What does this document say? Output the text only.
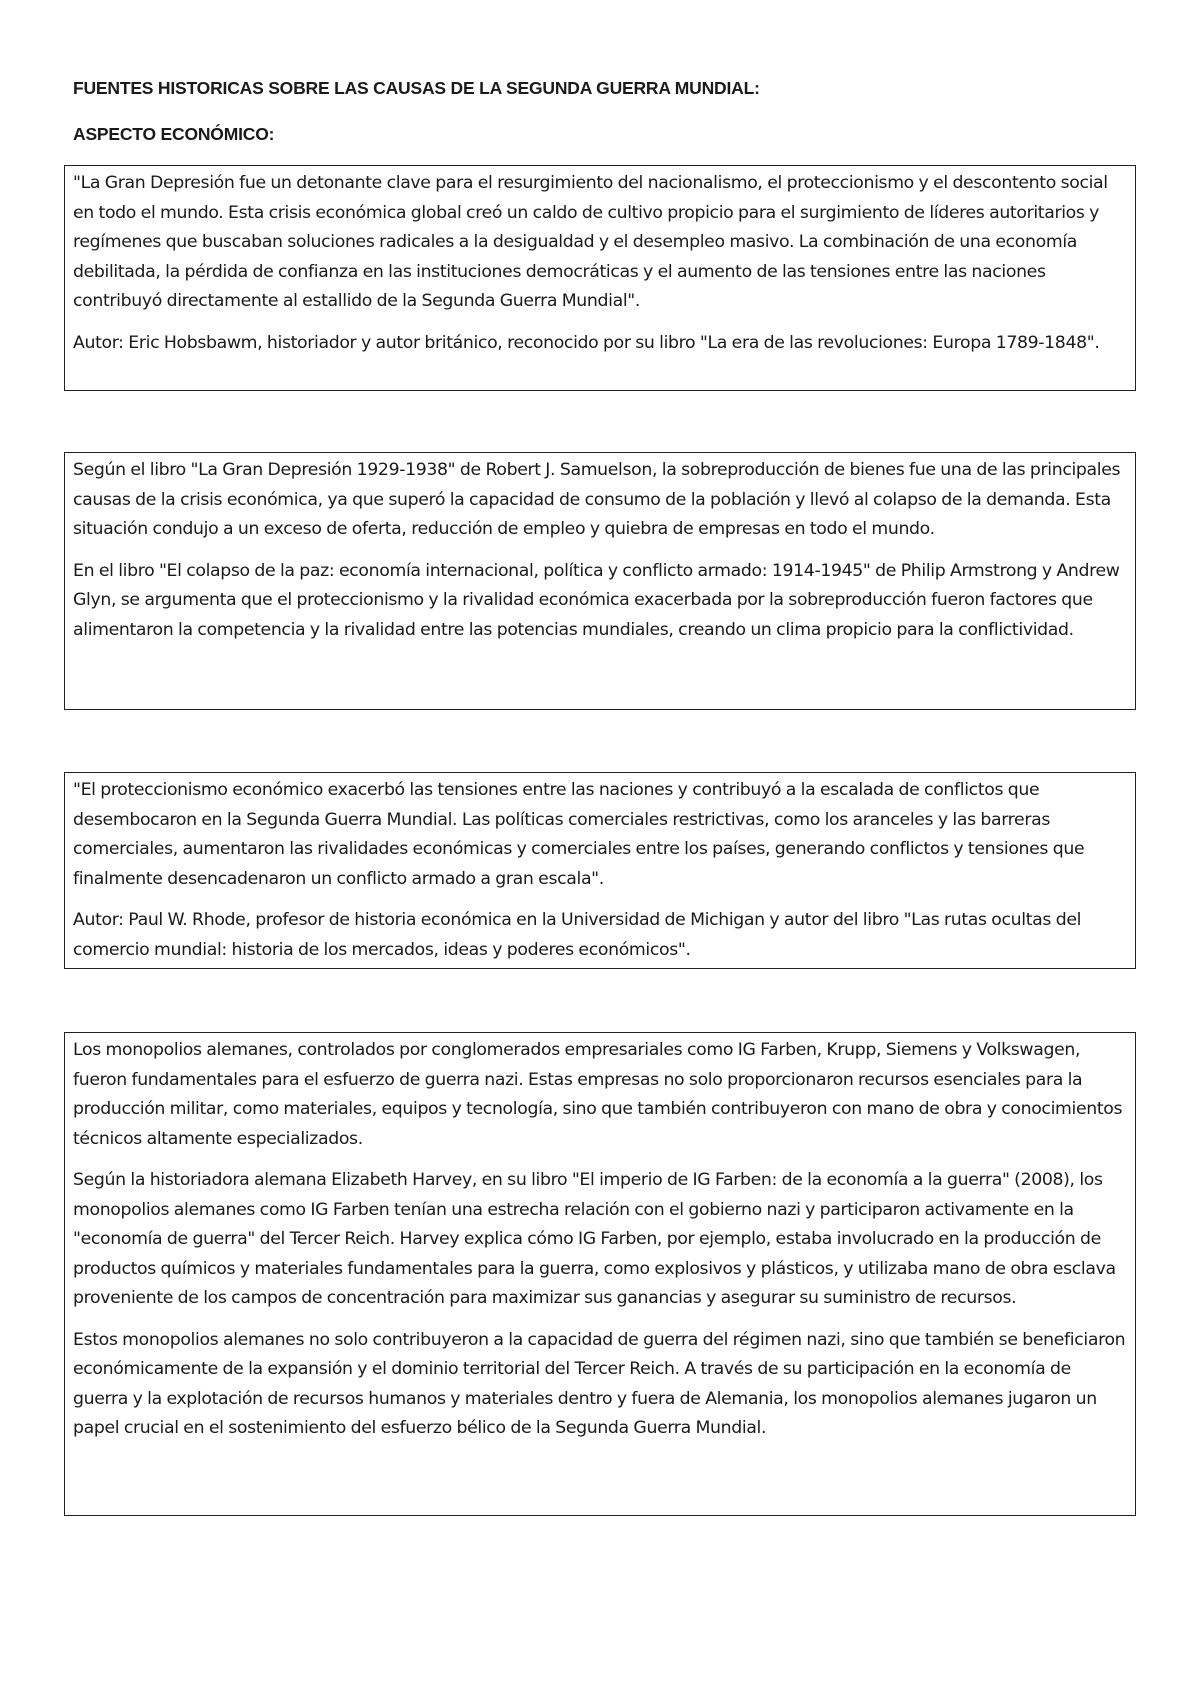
FUENTES HISTORICAS SOBRE LAS CAUSAS DE LA SEGUNDA GUERRA MUNDIAL:
ASPECTO ECONÓMICO:

"La Gran Depresión fue un detonante clave para el resurgimiento del nacionalismo, el proteccionismo y el descontento social en todo el mundo. Esta crisis económica global creó un caldo de cultivo propicio para el surgimiento de líderes autoritarios y regímenes que buscaban soluciones radicales a la desigualdad y el desempleo masivo. La combinación de una economía debilitada, la pérdida de confianza en las instituciones democráticas y el aumento de las tensiones entre las naciones contribuyó directamente al estallido de la Segunda Guerra Mundial".

Autor: Eric Hobsbawm, historiador y autor británico, reconocido por su libro "La era de las revoluciones: Europa 1789-1848".

Según el libro "La Gran Depresión 1929-1938" de Robert J. Samuelson, la sobreproducción de bienes fue una de las principales causas de la crisis económica, ya que superó la capacidad de consumo de la población y llevó al colapso de la demanda. Esta situación condujo a un exceso de oferta, reducción de empleo y quiebra de empresas en todo el mundo.

En el libro "El colapso de la paz: economía internacional, política y conflicto armado: 1914-1945" de Philip Armstrong y Andrew Glyn, se argumenta que el proteccionismo y la rivalidad económica exacerbada por la sobreproducción fueron factores que alimentaron la competencia y la rivalidad entre las potencias mundiales, creando un clima propicio para la conflictividad.

"El proteccionismo económico exacerbó las tensiones entre las naciones y contribuyó a la escalada de conflictos que desembocaron en la Segunda Guerra Mundial. Las políticas comerciales restrictivas, como los aranceles y las barreras comerciales, aumentaron las rivalidades económicas y comerciales entre los países, generando conflictos y tensiones que finalmente desencadenaron un conflicto armado a gran escala".

Autor: Paul W. Rhode, profesor de historia económica en la Universidad de Michigan y autor del libro "Las rutas ocultas del comercio mundial: historia de los mercados, ideas y poderes económicos".

Los monopolios alemanes, controlados por conglomerados empresariales como IG Farben, Krupp, Siemens y Volkswagen, fueron fundamentales para el esfuerzo de guerra nazi. Estas empresas no solo proporcionaron recursos esenciales para la producción militar, como materiales, equipos y tecnología, sino que también contribuyeron con mano de obra y conocimientos técnicos altamente especializados.

Según la historiadora alemana Elizabeth Harvey, en su libro "El imperio de IG Farben: de la economía a la guerra" (2008), los monopolios alemanes como IG Farben tenían una estrecha relación con el gobierno nazi y participaron activamente en la "economía de guerra" del Tercer Reich. Harvey explica cómo IG Farben, por ejemplo, estaba involucrado en la producción de productos químicos y materiales fundamentales para la guerra, como explosivos y plásticos, y utilizaba mano de obra esclava proveniente de los campos de concentración para maximizar sus ganancias y asegurar su suministro de recursos.

Estos monopolios alemanes no solo contribuyeron a la capacidad de guerra del régimen nazi, sino que también se beneficiaron económicamente de la expansión y el dominio territorial del Tercer Reich. A través de su participación en la economía de guerra y la explotación de recursos humanos y materiales dentro y fuera de Alemania, los monopolios alemanes jugaron un papel crucial en el sostenimiento del esfuerzo bélico de la Segunda Guerra Mundial.
